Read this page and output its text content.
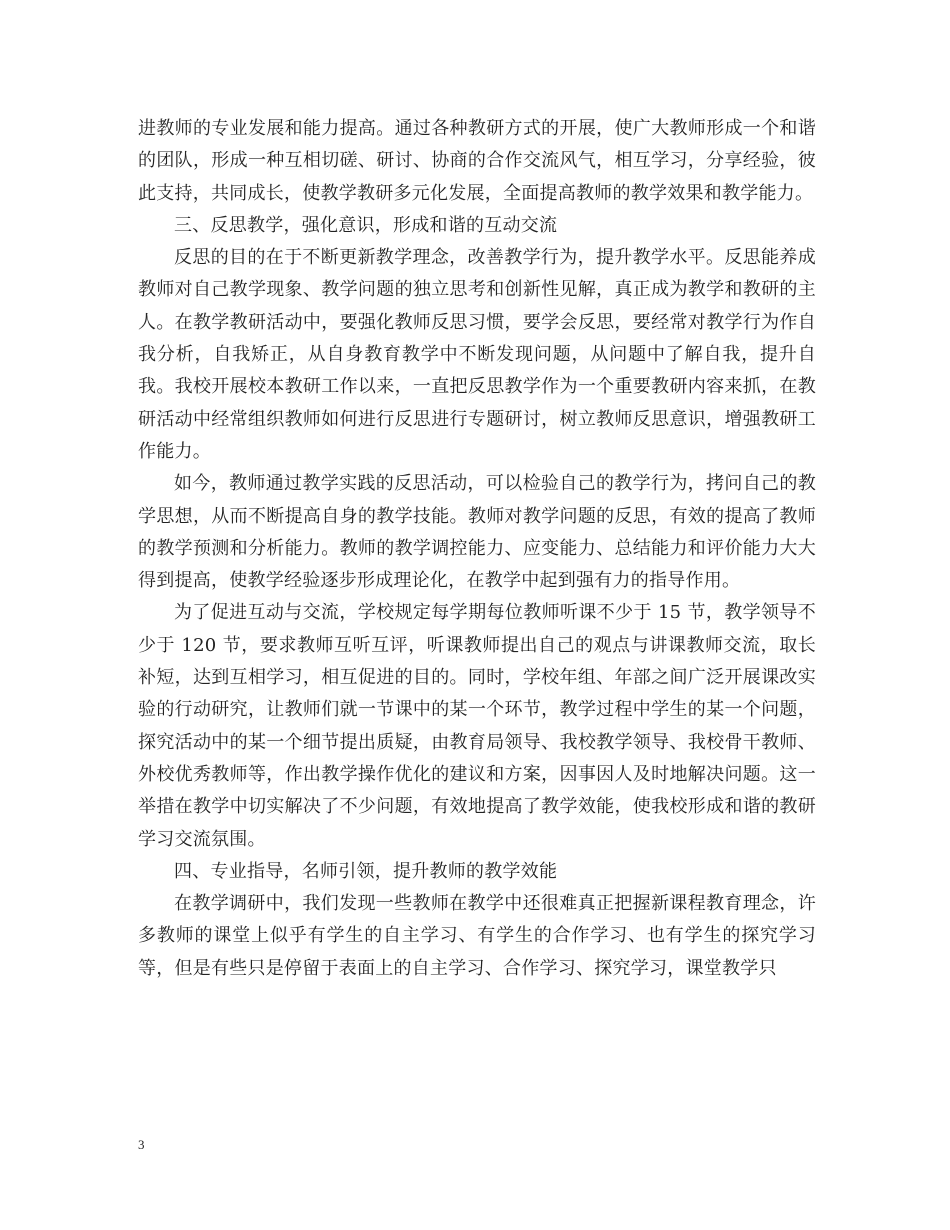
进教师的专业发展和能力提高。通过各种教研方式的开展，使广大教师形成一个和谐的团队，形成一种互相切磋、研讨、协商的合作交流风气，相互学习，分享经验，彼此支持，共同成长，使教学教研多元化发展，全面提高教师的教学效果和教学能力。

三、反思教学，强化意识，形成和谐的互动交流

反思的目的在于不断更新教学理念，改善教学行为，提升教学水平。反思能养成教师对自己教学现象、教学问题的独立思考和创新性见解，真正成为教学和教研的主人。在教学教研活动中，要强化教师反思习惯，要学会反思，要经常对教学行为作自我分析，自我矫正，从自身教育教学中不断发现问题，从问题中了解自我，提升自我。我校开展校本教研工作以来，一直把反思教学作为一个重要教研内容来抓，在教研活动中经常组织教师如何进行反思进行专题研讨，树立教师反思意识，增强教研工作能力。

如今，教师通过教学实践的反思活动，可以检验自己的教学行为，拷问自己的教学思想，从而不断提高自身的教学技能。教师对教学问题的反思，有效的提高了教师的教学预测和分析能力。教师的教学调控能力、应变能力、总结能力和评价能力大大得到提高，使教学经验逐步形成理论化，在教学中起到强有力的指导作用。

为了促进互动与交流，学校规定每学期每位教师听课不少于 15 节，教学领导不少于 120 节，要求教师互听互评，听课教师提出自己的观点与讲课教师交流，取长补短，达到互相学习，相互促进的目的。同时，学校年组、年部之间广泛开展课改实验的行动研究，让教师们就一节课中的某一个环节，教学过程中学生的某一个问题，探究活动中的某一个细节提出质疑，由教育局领导、我校教学领导、我校骨干教师、外校优秀教师等，作出教学操作优化的建议和方案，因事因人及时地解决问题。这一举措在教学中切实解决了不少问题，有效地提高了教学效能，使我校形成和谐的教研学习交流氛围。

四、专业指导，名师引领，提升教师的教学效能

在教学调研中，我们发现一些教师在教学中还很难真正把握新课程教育理念，许多教师的课堂上似乎有学生的自主学习、有学生的合作学习、也有学生的探究学习等，但是有些只是停留于表面上的自主学习、合作学习、探究学习，课堂教学只

3
